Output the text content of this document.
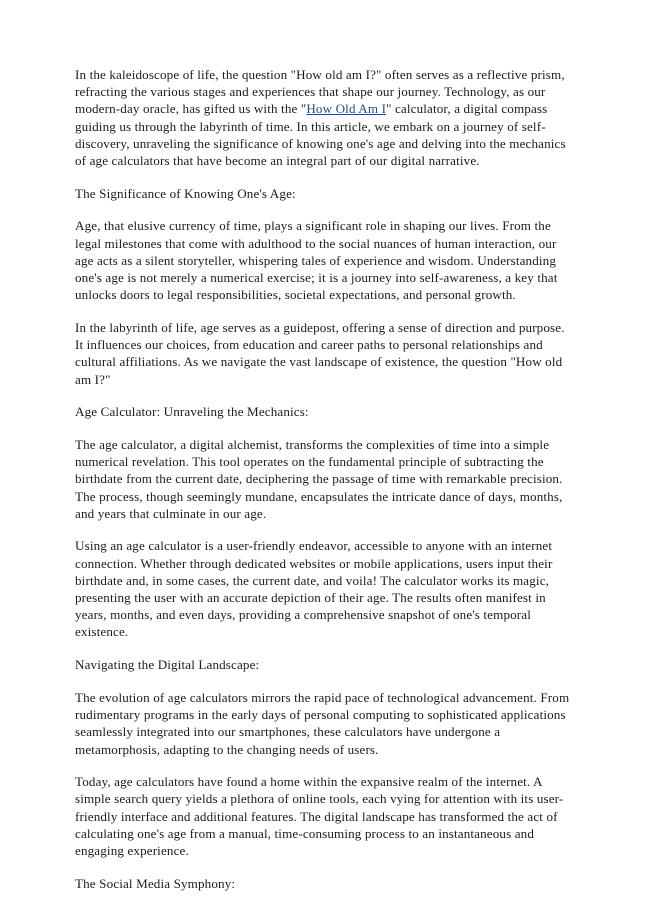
In the kaleidoscope of life, the question "How old am I?" often serves as a reflective prism, refracting the various stages and experiences that shape our journey. Technology, as our modern-day oracle, has gifted us with the "How Old Am I" calculator, a digital compass guiding us through the labyrinth of time. In this article, we embark on a journey of self-discovery, unraveling the significance of knowing one's age and delving into the mechanics of age calculators that have become an integral part of our digital narrative.

The Significance of Knowing One's Age:

Age, that elusive currency of time, plays a significant role in shaping our lives. From the legal milestones that come with adulthood to the social nuances of human interaction, our age acts as a silent storyteller, whispering tales of experience and wisdom. Understanding one's age is not merely a numerical exercise; it is a journey into self-awareness, a key that unlocks doors to legal responsibilities, societal expectations, and personal growth.

In the labyrinth of life, age serves as a guidepost, offering a sense of direction and purpose. It influences our choices, from education and career paths to personal relationships and cultural affiliations. As we navigate the vast landscape of existence, the question "How old am I?"

Age Calculator: Unraveling the Mechanics:

The age calculator, a digital alchemist, transforms the complexities of time into a simple numerical revelation. This tool operates on the fundamental principle of subtracting the birthdate from the current date, deciphering the passage of time with remarkable precision. The process, though seemingly mundane, encapsulates the intricate dance of days, months, and years that culminate in our age.

Using an age calculator is a user-friendly endeavor, accessible to anyone with an internet connection. Whether through dedicated websites or mobile applications, users input their birthdate and, in some cases, the current date, and voila! The calculator works its magic, presenting the user with an accurate depiction of their age. The results often manifest in years, months, and even days, providing a comprehensive snapshot of one's temporal existence.

Navigating the Digital Landscape:

The evolution of age calculators mirrors the rapid pace of technological advancement. From rudimentary programs in the early days of personal computing to sophisticated applications seamlessly integrated into our smartphones, these calculators have undergone a metamorphosis, adapting to the changing needs of users.

Today, age calculators have found a home within the expansive realm of the internet. A simple search query yields a plethora of online tools, each vying for attention with its user-friendly interface and additional features. The digital landscape has transformed the act of calculating one's age from a manual, time-consuming process to an instantaneous and engaging experience.

The Social Media Symphony:
